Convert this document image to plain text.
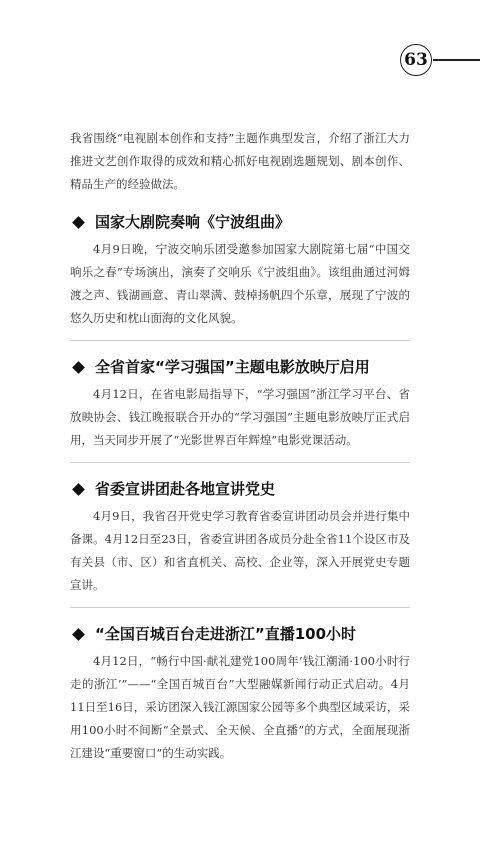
63

我省围绕“电视剧本创作和支持”主题作典型发言，介绍了浙江大力推进文艺创作取得的成效和精心抓好电视剧选题规划、剧本创作、精品生产的经验做法。

国家大剧院奏响《宁波组曲》

4月9日晚，宁波交响乐团受邀参加国家大剧院第七届“中国交响乐之春”专场演出，演奏了交响乐《宁波组曲》。该组曲通过河姆渡之声、钱湖画意、青山翠满、鼓棹扬帆四个乐章，展现了宁波的悠久历史和枕山面海的文化风貌。

全省首家“学习强国”主题电影放映厅启用

4月12日，在省电影局指导下，“学习强国”浙江学习平台、省放映协会、钱江晚报联合开办的“学习强国”主题电影放映厅正式启用，当天同步开展了“光影世界百年辉煌”电影党课活动。

省委宣讲团赴各地宣讲党史

4月9日，我省召开党史学习教育省委宣讲团动员会并进行集中备课。4月12日至23日，省委宣讲团各成员分赴全省11个设区市及有关县（市、区）和省直机关、高校、企业等，深入开展党史专题宣讲。

“全国百城百台走进浙江”直播100小时

4月12日，“畅行中国·献礼建党100周年‘钱江潮涌·100小时行走的浙江’”——“全国百城百台”大型融媒新闻行动正式启动。4月11日至16日，采访团深入钱江源国家公园等多个典型区域采访，采用100小时不间断“全景式、全天候、全直播”的方式，全面展现浙江建设“重要窗口”的生动实践。
